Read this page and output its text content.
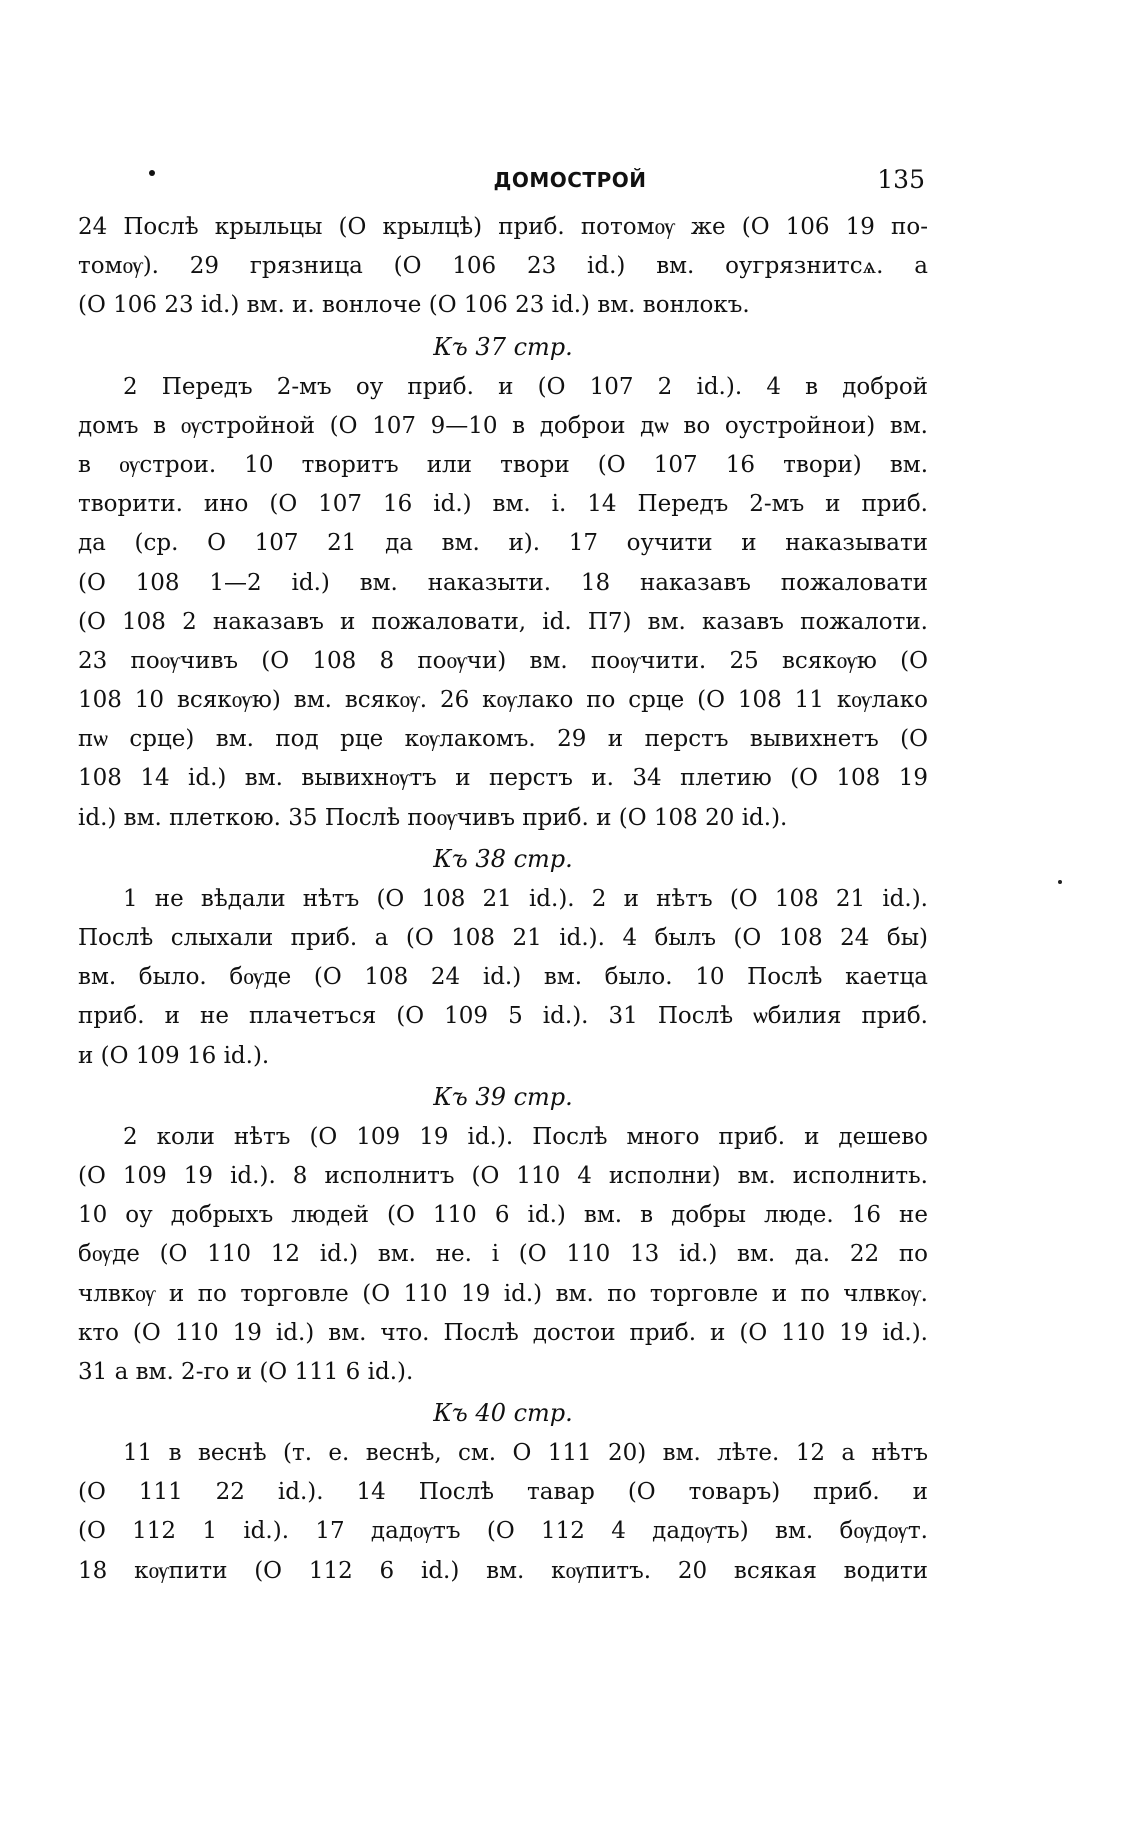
ДОМОСТРОЙ	135
24 Послѣ крыльцы (О крылцѣ) приб. потомѹ же (О 106 19 по-
томѹ). 29 грязница (О 106 23 id.) вм. оугрязнитсѧ. а
(О 106 23 id.) вм. и. вонлоче (О 106 23 id.) вм. вонлокъ.
Къ 37 стр.
2 Передъ 2-мъ оу приб. и (О 107 2 id.). 4 в доброй
домъ в ѹстройной (О 107 9—10 в доброи дѡ во оустройнои) вм.
в ѹстрои. 10 творитъ или твори (О 107 16 твори) вм.
творити. ино (О 107 16 id.) вм. і. 14 Передъ 2-мъ и приб.
да (ср. О 107 21 да вм. и). 17 оучити и наказывати
(О 108 1—2 id.) вм. наказыти. 18 наказавъ пожаловати
(О 108 2 наказавъ и пожаловати, id. П7) вм. казавъ пожалоти.
23 поѹчивъ (О 108 8 поѹчи) вм. поѹчити. 25 всякѹю (О
108 10 всякѹю) вм. всякѹ. 26 кѹлако по срце (О 108 11 кѹлако
пѡ срце) вм. под рце кѹлакомъ. 29 и перстъ вывихнетъ (О
108 14 id.) вм. вывихнѹтъ и перстъ и. 34 плетию (О 108 19
id.) вм. плеткою. 35 Послѣ поѹчивъ приб. и (О 108 20 id.).
Къ 38 стр.
1 не вѣдали нѣтъ (О 108 21 id.). 2 и нѣтъ (О 108 21 id.).
Послѣ слыхали приб. а (О 108 21 id.). 4 былъ (О 108 24 бы)
вм. было. бѹде (О 108 24 id.) вм. было. 10 Послѣ каетца
приб. и не плачетъся (О 109 5 id.). 31 Послѣ ѡбилия приб.
и (О 109 16 id.).
Къ 39 стр.
2 коли нѣтъ (О 109 19 id.). Послѣ много приб. и дешево
(О 109 19 id.). 8 исполнитъ (О 110 4 исполни) вм. исполнить.
10 оу добрыхъ людей (О 110 6 id.) вм. в добры люде. 16 не
бѹде (О 110 12 id.) вм. не. і (О 110 13 id.) вм. да. 22 по
члвкѹ и по торговле (О 110 19 id.) вм. по торговле и по члвкѹ.
кто (О 110 19 id.) вм. что. Послѣ достои приб. и (О 110 19 id.).
31 а вм. 2-го и (О 111 6 id.).
Къ 40 стр.
11 в веснѣ (т. е. веснѣ, см. О 111 20) вм. лѣте. 12 а нѣтъ
(О 111 22 id.). 14 Послѣ тавар (О товаръ) приб. и
(О 112 1 id.). 17 дадѹтъ (О 112 4 дадѹть) вм. бѹдѹт.
18 кѹпити (О 112 6 id.) вм. кѹпитъ. 20 всякая водити
